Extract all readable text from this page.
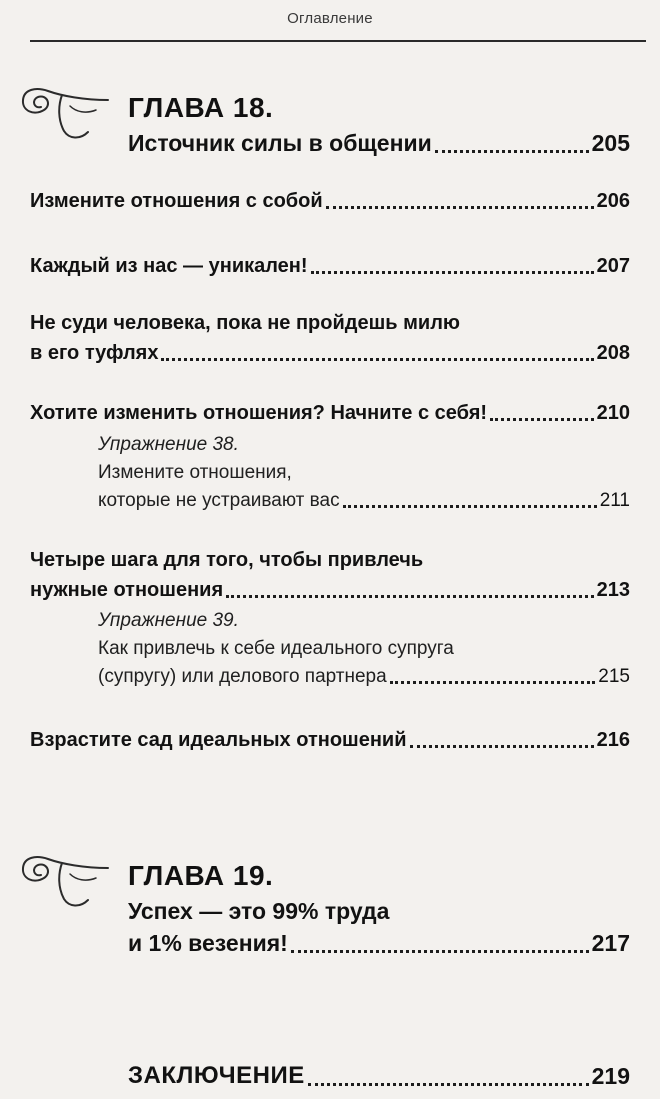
Оглавление
ГЛАВА 18.
Источник силы в общении	205
Измените отношения с собой	206
Каждый из нас — уникален!	207
Не суди человека, пока не пройдешь милю
в его туфлях	208
Хотите изменить отношения? Начните с себя!	210
Упражнение 38.
Измените отношения,
которые не устраивают вас	211
Четыре шага для того, чтобы привлечь
нужные отношения	213
Упражнение 39.
Как привлечь к себе идеального супруга
(супругу) или делового партнера	215
Взрастите сад идеальных отношений	216
ГЛАВА 19.
Успех — это 99% труда
и 1% везения!	217
ЗАКЛЮЧЕНИЕ	219
